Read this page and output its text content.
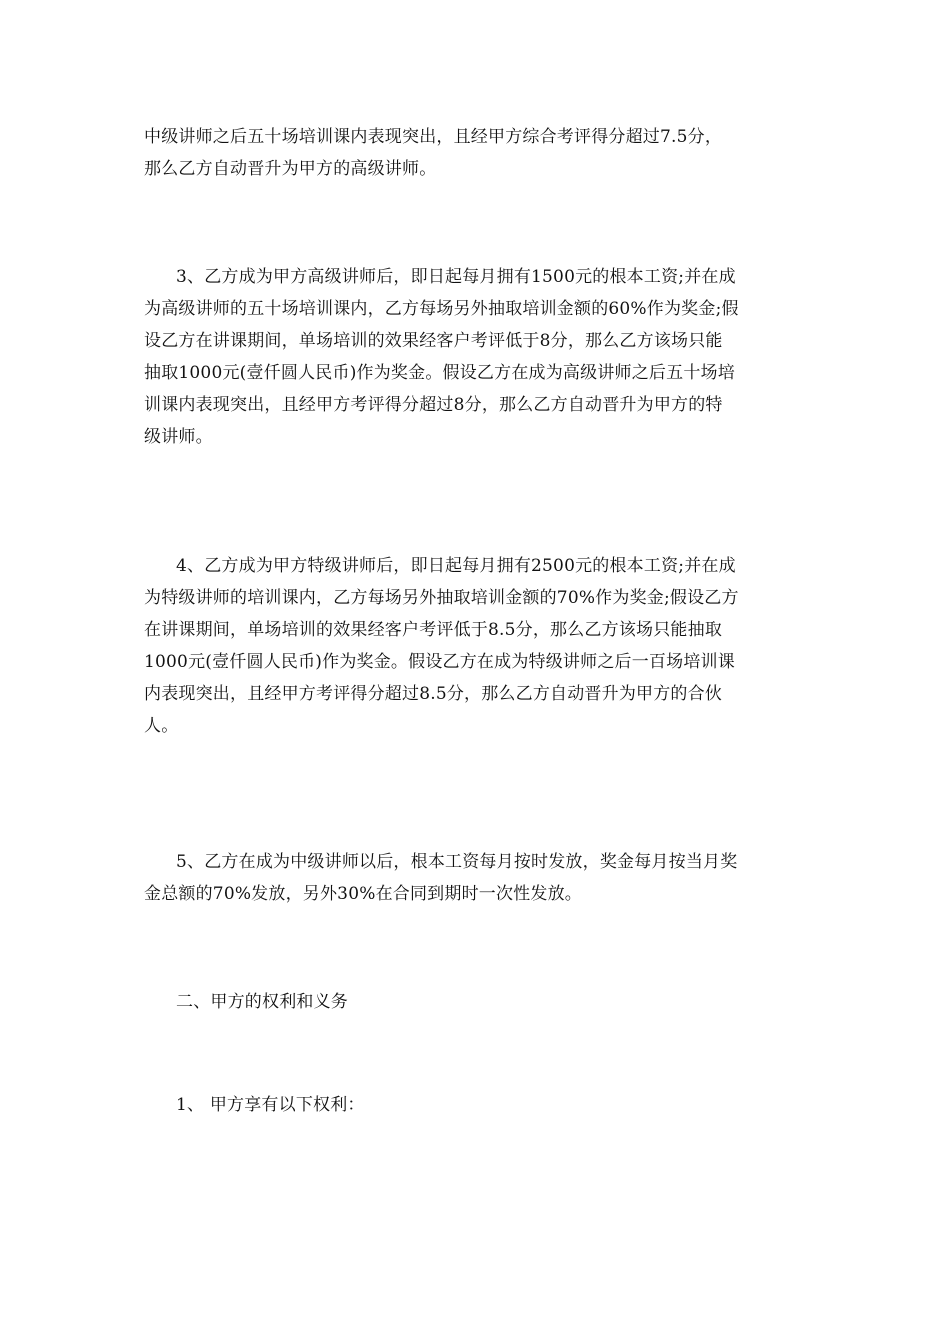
中级讲师之后五十场培训课内表现突出，且经甲方综合考评得分超过7.5分，
那么乙方自动晋升为甲方的高级讲师。
3、乙方成为甲方高级讲师后，即日起每月拥有1500元的根本工资;并在成
为高级讲师的五十场培训课内，乙方每场另外抽取培训金额的60%作为奖金;假
设乙方在讲课期间，单场培训的效果经客户考评低于8分，那么乙方该场只能
抽取1000元(壹仟圆人民币)作为奖金。假设乙方在成为高级讲师之后五十场培
训课内表现突出，且经甲方考评得分超过8分，那么乙方自动晋升为甲方的特
级讲师。
4、乙方成为甲方特级讲师后，即日起每月拥有2500元的根本工资;并在成
为特级讲师的培训课内，乙方每场另外抽取培训金额的70%作为奖金;假设乙方
在讲课期间，单场培训的效果经客户考评低于8.5分，那么乙方该场只能抽取
1000元(壹仟圆人民币)作为奖金。假设乙方在成为特级讲师之后一百场培训课
内表现突出，且经甲方考评得分超过8.5分，那么乙方自动晋升为甲方的合伙
人。
5、乙方在成为中级讲师以后，根本工资每月按时发放，奖金每月按当月奖
金总额的70%发放，另外30%在合同到期时一次性发放。
二、甲方的权利和义务
1、 甲方享有以下权利：
